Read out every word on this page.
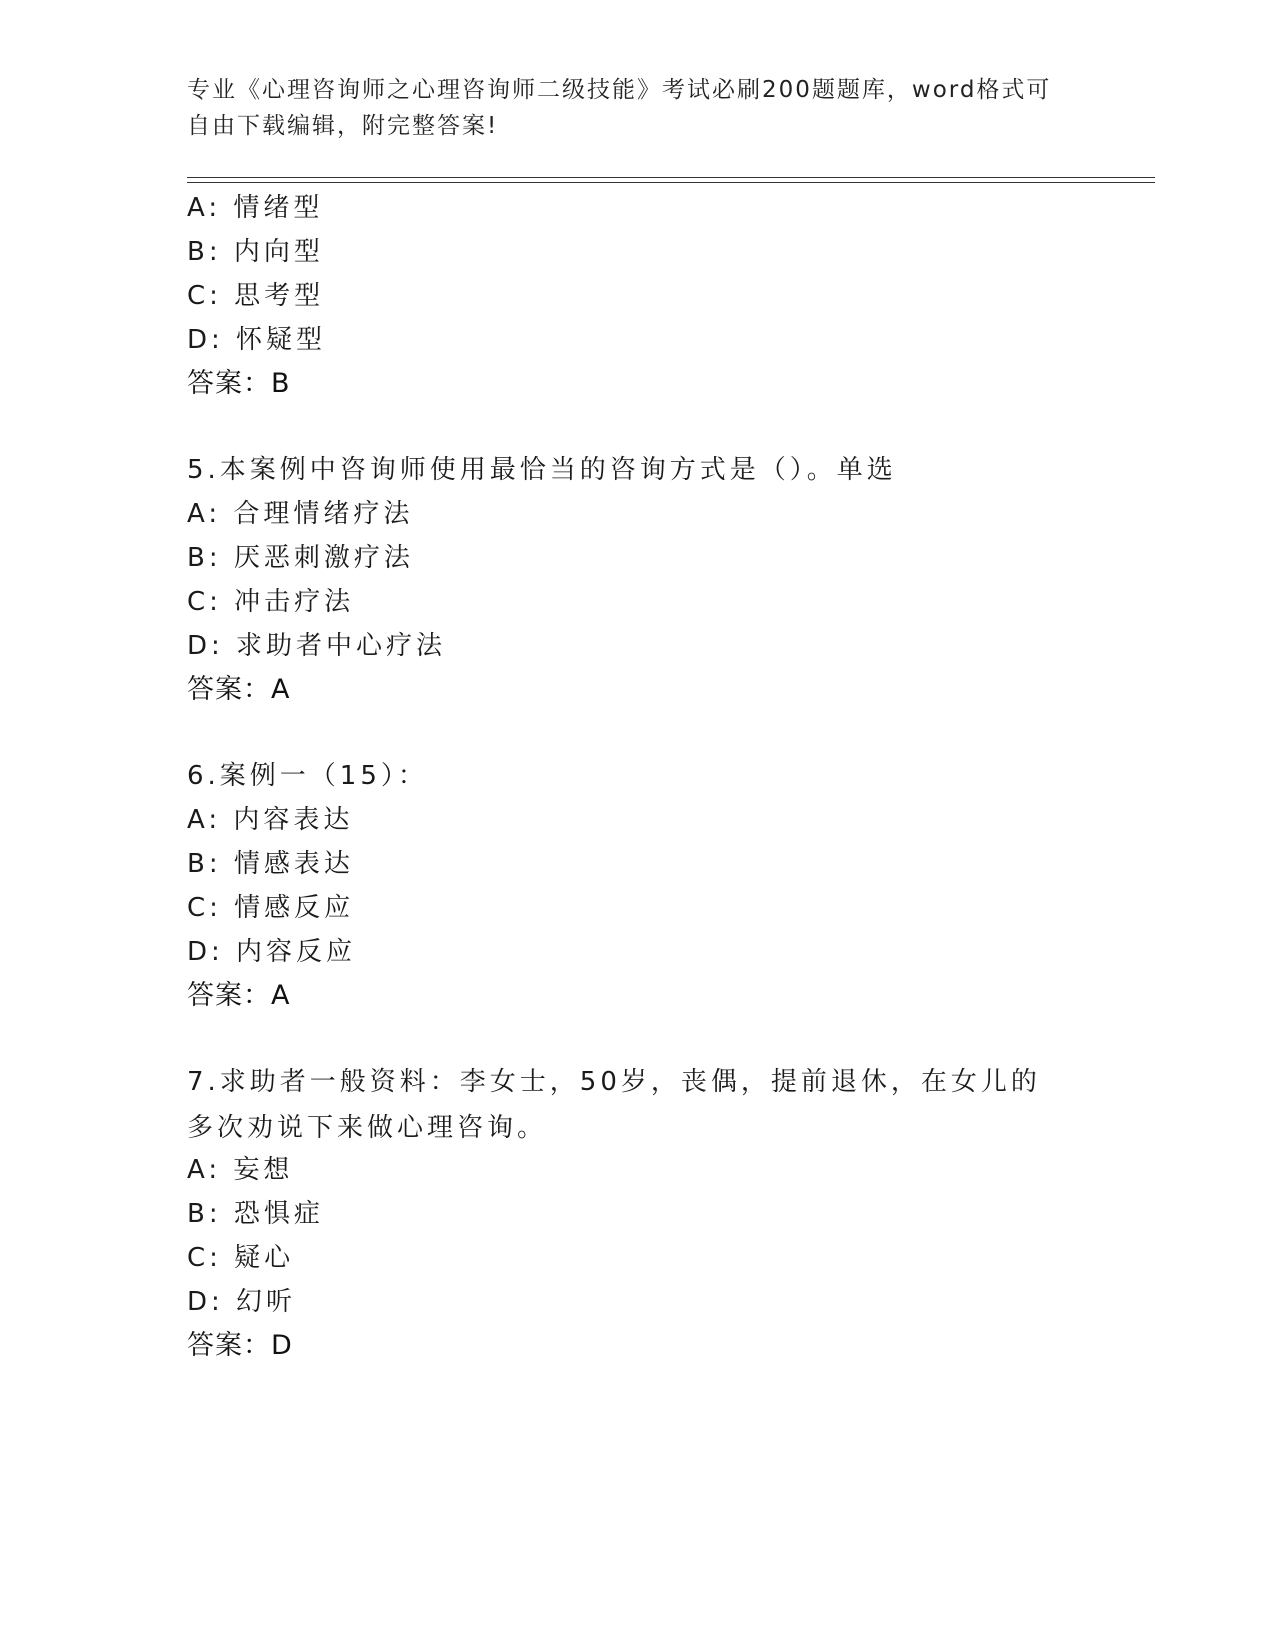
专业《心理咨询师之心理咨询师二级技能》考试必刷200题题库，word格式可自由下载编辑，附完整答案!
A: 情绪型
B: 内向型
C: 思考型
D: 怀疑型
答案：B
5.本案例中咨询师使用最恰当的咨询方式是（）。单选
A: 合理情绪疗法
B: 厌恶刺激疗法
C: 冲击疗法
D: 求助者中心疗法
答案：A
6.案例一（15）：
A: 内容表达
B: 情感表达
C: 情感反应
D: 内容反应
答案：A
7.求助者一般资料：李女士，50岁，丧偶，提前退休，在女儿的多次劝说下来做心理咨询。
A: 妄想
B: 恐惧症
C: 疑心
D: 幻听
答案：D
